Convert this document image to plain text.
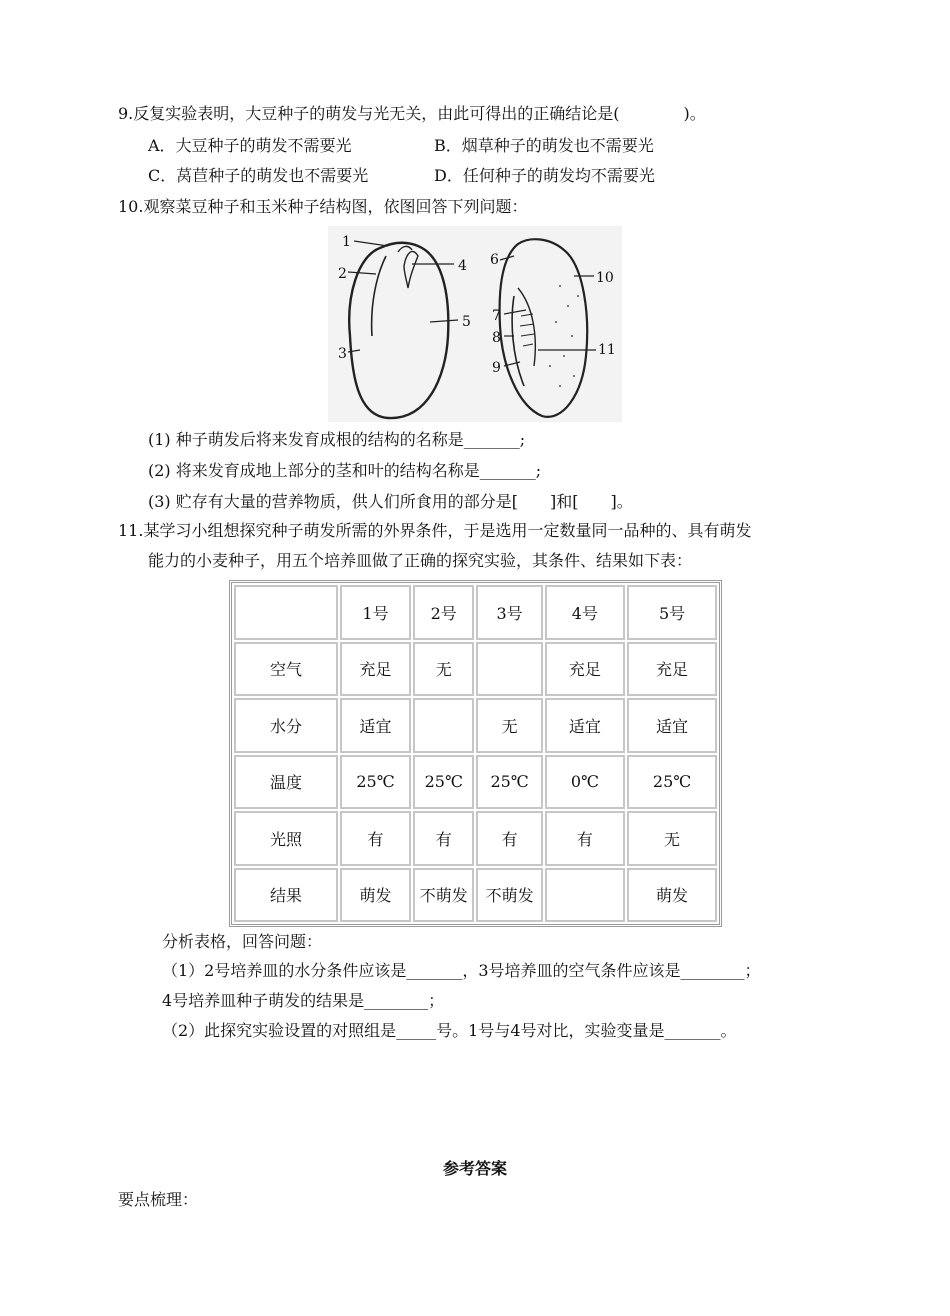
9.反复实验表明，大豆种子的萌发与光无关，由此可得出的正确结论是(　　　　)。
A．大豆种子的萌发不需要光	B．烟草种子的萌发也不需要光
C．莴苣种子的萌发也不需要光	D．任何种子的萌发均不需要光
10.观察菜豆种子和玉米种子结构图，依图回答下列问题：
1
2
3
4
5
6
7
8
9
10
11
(1) 种子萌发后将来发育成根的结构的名称是_______;
(2) 将来发育成地上部分的茎和叶的结构名称是_______;
(3) 贮存有大量的营养物质，供人们所食用的部分是[　　]和[　　]。
11.某学习小组想探究种子萌发所需的外界条件，于是选用一定数量同一品种的、具有萌发
能力的小麦种子，用五个培养皿做了正确的探究实验，其条件、结果如下表：
	1号	2号	3号	4号	5号
空气	充足	无		充足	充足
水分	适宜		无	适宜	适宜
温度	25℃	25℃	25℃	0℃	25℃
光照	有	有	有	有	无
结果	萌发	不萌发	不萌发		萌发
分析表格，回答问题：
（1）2号培养皿的水分条件应该是_______，3号培养皿的空气条件应该是________；
4号培养皿种子萌发的结果是________；
（2）此探究实验设置的对照组是_____号。1号与4号对比，实验变量是_______。
参考答案
要点梳理：
